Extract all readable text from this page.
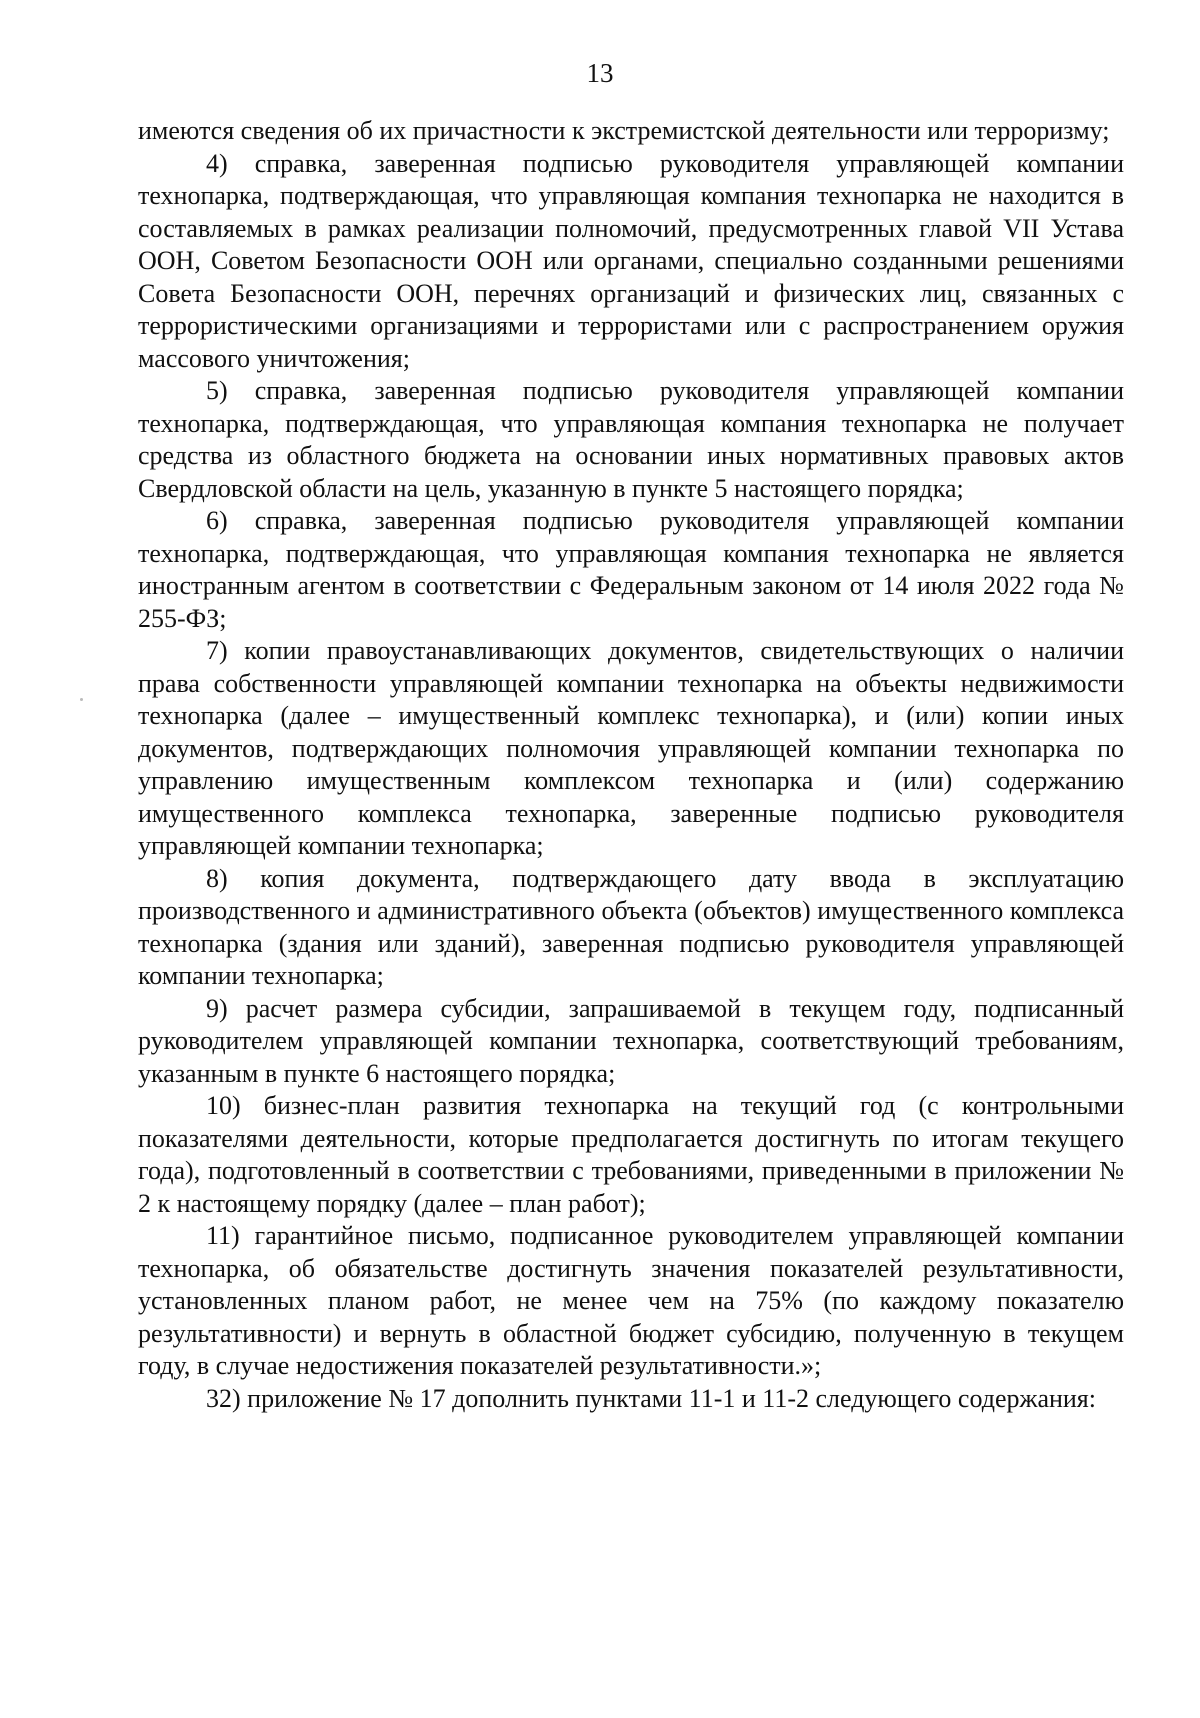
13

имеются сведения об их причастности к экстремистской деятельности или терроризму;

4) справка, заверенная подписью руководителя управляющей компании технопарка, подтверждающая, что управляющая компания технопарка не находится в составляемых в рамках реализации полномочий, предусмотренных главой VII Устава ООН, Советом Безопасности ООН или органами, специально созданными решениями Совета Безопасности ООН, перечнях организаций и физических лиц, связанных с террористическими организациями и террористами или с распространением оружия массового уничтожения;

5) справка, заверенная подписью руководителя управляющей компании технопарка, подтверждающая, что управляющая компания технопарка не получает средства из областного бюджета на основании иных нормативных правовых актов Свердловской области на цель, указанную в пункте 5 настоящего порядка;

6) справка, заверенная подписью руководителя управляющей компании технопарка, подтверждающая, что управляющая компания технопарка не является иностранным агентом в соответствии с Федеральным законом от 14 июля 2022 года № 255-ФЗ;

7) копии правоустанавливающих документов, свидетельствующих о наличии права собственности управляющей компании технопарка на объекты недвижимости технопарка (далее – имущественный комплекс технопарка), и (или) копии иных документов, подтверждающих полномочия управляющей компании технопарка по управлению имущественным комплексом технопарка и (или) содержанию имущественного комплекса технопарка, заверенные подписью руководителя управляющей компании технопарка;

8) копия документа, подтверждающего дату ввода в эксплуатацию производственного и административного объекта (объектов) имущественного комплекса технопарка (здания или зданий), заверенная подписью руководителя управляющей компании технопарка;

9) расчет размера субсидии, запрашиваемой в текущем году, подписанный руководителем управляющей компании технопарка, соответствующий требованиям, указанным в пункте 6 настоящего порядка;

10) бизнес-план развития технопарка на текущий год (с контрольными показателями деятельности, которые предполагается достигнуть по итогам текущего года), подготовленный в соответствии с требованиями, приведенными в приложении № 2 к настоящему порядку (далее – план работ);

11) гарантийное письмо, подписанное руководителем управляющей компании технопарка, об обязательстве достигнуть значения показателей результативности, установленных планом работ, не менее чем на 75% (по каждому показателю результативности) и вернуть в областной бюджет субсидию, полученную в текущем году, в случае недостижения показателей результативности.»;

32) приложение № 17 дополнить пунктами 11-1 и 11-2 следующего содержания:
